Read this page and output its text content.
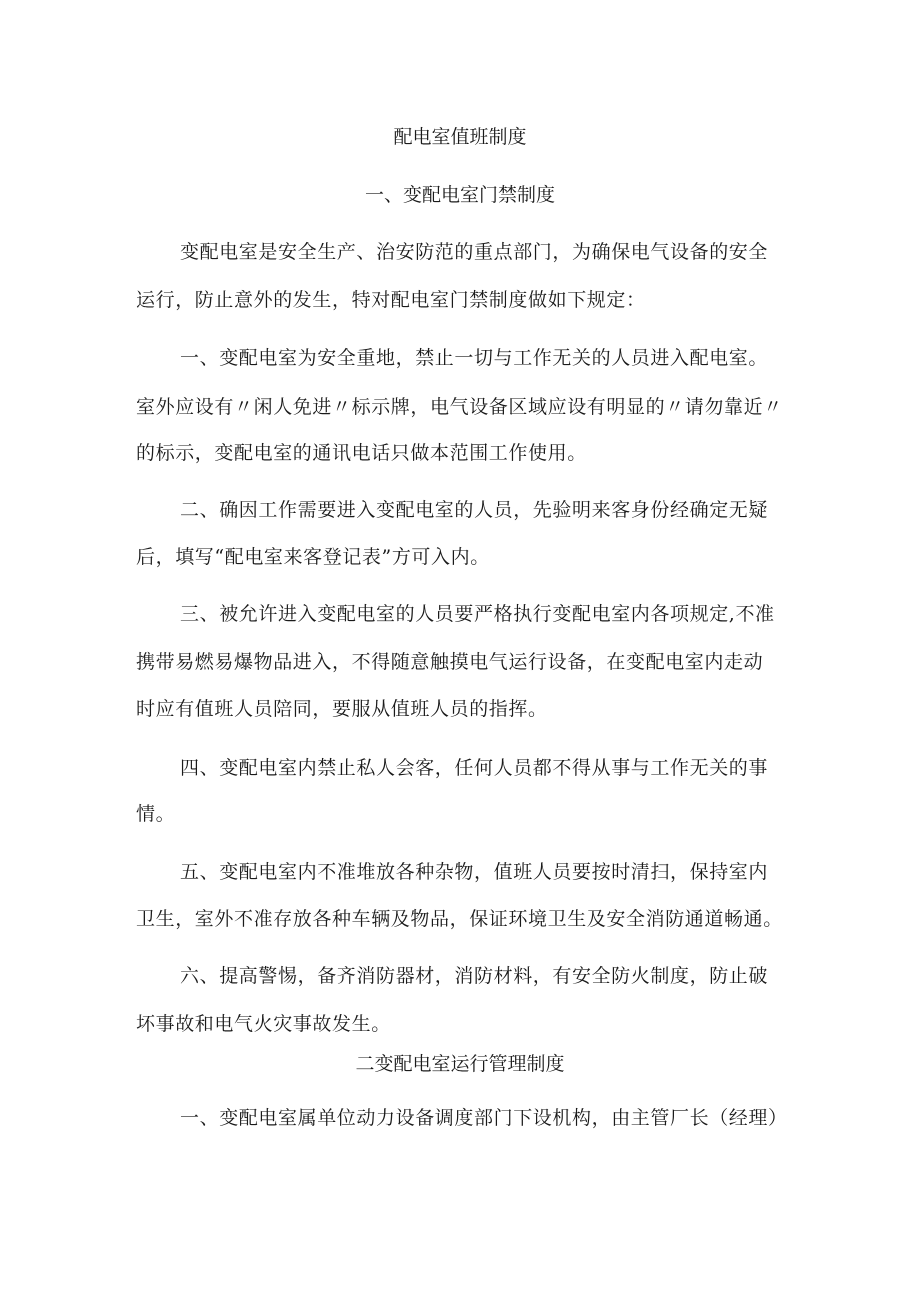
配电室值班制度
一、变配电室门禁制度
变配电室是安全生产、治安防范的重点部门，为确保电气设备的安全
运行，防止意外的发生，特对配电室门禁制度做如下规定：
一、变配电室为安全重地，禁止一切与工作无关的人员进入配电室。
室外应设有〃闲人免进〃标示牌，电气设备区域应设有明显的〃请勿靠近〃
的标示，变配电室的通讯电话只做本范围工作使用。
二、确因工作需要进入变配电室的人员，先验明来客身份经确定无疑
后，填写“配电室来客登记表”方可入内。
三、被允许进入变配电室的人员要严格执行变配电室内各项规定,不准
携带易燃易爆物品进入，不得随意触摸电气运行设备，在变配电室内走动
时应有值班人员陪同，要服从值班人员的指挥。
四、变配电室内禁止私人会客，任何人员都不得从事与工作无关的事
情。
五、变配电室内不准堆放各种杂物，值班人员要按时清扫，保持室内
卫生，室外不准存放各种车辆及物品，保证环境卫生及安全消防通道畅通。
六、提高警惕，备齐消防器材，消防材料，有安全防火制度，防止破
坏事故和电气火灾事故发生。
二变配电室运行管理制度
一、变配电室属单位动力设备调度部门下设机构，由主管厂长（经理）
